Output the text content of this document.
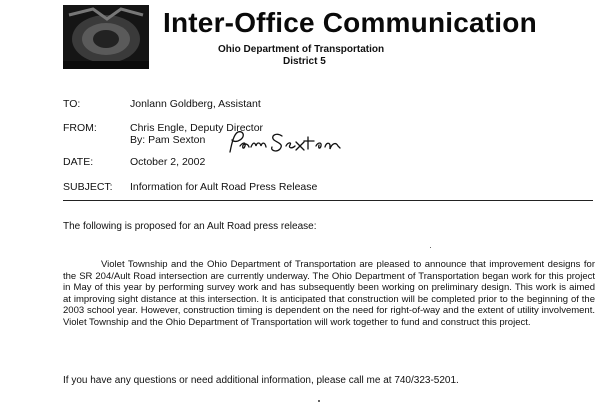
Inter-Office Communication
Ohio Department of Transportation
District 5
TO:	Jonlann Goldberg, Assistant
FROM:	Chris Engle, Deputy Director
By: Pam Sexton
DATE:	October 2, 2002
SUBJECT: Information for Ault Road Press Release
The following is proposed for an Ault Road press release:
Violet Township and the Ohio Department of Transportation are pleased to announce that improvement designs for the SR 204/Ault Road intersection are currently underway. The Ohio Department of Transportation began work for this project in May of this year by performing survey work and has subsequently been working on preliminary design. This work is aimed at improving sight distance at this intersection. It is anticipated that construction will be completed prior to the beginning of the 2003 school year. However, construction timing is dependent on the need for right-of-way and the extent of utility involvement. Violet Township and the Ohio Department of Transportation will work together to fund and construct this project.
If you have any questions or need additional information, please call me at 740/323-5201.
